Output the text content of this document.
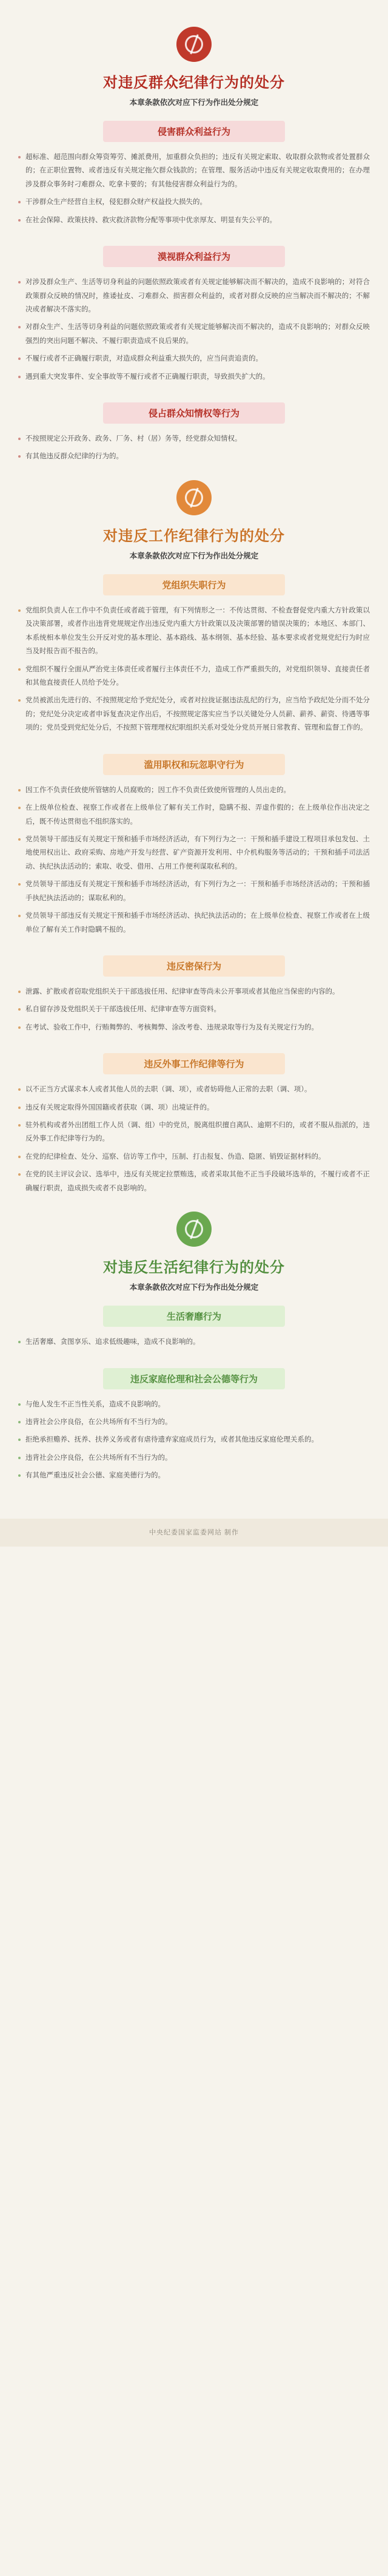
对违反群众纪律行为的处分
本章条款依次对应下行为作出处分规定
侵害群众利益行为
超标准、超范围向群众筹资筹劳、摊派费用，加重群众负担的；违反有关规定索取、收取群众款物或者处置群众的；在正职位置物、或者违反有关规定拖欠群众钱款的；在管理、服务活动中违反有关规定收取费用的；在办理涉及群众事务时刁难群众、吃拿卡要的；有其他侵害群众利益行为的。
干涉群众生产经营自主权，侵犯群众财产权益投大损失的。
在社会保障、政策扶持、救灾救济款物分配等事项中优亲厚友、明显有失公平的。
漠视群众利益行为
对涉及群众生产、生活等切身利益的问题依照政策或者有关规定能够解决而不解决的，造成不良影响的；对符合政策群众反映的情况时，推诿扯皮、刁难群众、损害群众利益的，或者对群众反映的应当解决而不解决的；不解决或者解决不落实的。
对群众生产、生活等切身利益的问题依照政策或者有关规定能够解决而不解决的，造成不良影响的；对群众反映强烈的突出问题不解决、不履行职责造成不良后果的。
不履行或者不正确履行职责，对造成群众利益重大损失的，应当问责追责的。
遇到重大突发事件、安全事故等不履行或者不正确履行职责，导致损失扩大的。
侵占群众知情权等行为
不按照规定公开政务、政务、厂务、村（居）务等，经党群众知情权。
有其他违反群众纪律的行为的。
对违反工作纪律行为的处分
本章条款依次对应下行为作出处分规定
党组织失职行为
党组织负责人在工作中不负责任或者疏于管理，有下列情形之一：不传达贯彻、不检查督促党内重大方针政策以及决策部署，或者作出违背党规规定作出违反党内重大方针政策以及决策部署的错误决策的；本地区、本部门、本系统相本单位发生公开反对党的基本理论、基本路线、基本纲领、基本经验、基本要求或者党规党纪行为时应当及时报告而不报告的。
党组织不履行全面从严治党主体责任或者履行主体责任不力，造成工作严重损失的，对党组织领导、直接责任者和其他直接责任人员给予处分。
党员被派出先进行的、不按照规定给予党纪处分，或者对拉拢证据违法乱纪的行为，应当给予政纪处分而不处分的；党纪处分决定或者申诉复查决定作出后，不按照规定落实应当予以关键处分人员薪、薪养、薪资、待遇等事项的；党员受到党纪处分后，不按照下管理理权纪职组织关系对受处分党员开展日常教育、管理和监督工作的。
滥用职权和玩忽职守行为
因工作不负责任致使所管辖的人员腐败的；因工作不负责任致使所管理的人员出走的。
在上级单位检查、视察工作或者在上级单位了解有关工作时，隐瞒不报、弄虚作假的；在上级单位作出决定之后，既不传达贯彻也不组织落实的。
党员领导干部违反有关规定干预和插手市场经济活动，有下列行为之一：干预和插手建设工程项目承包发包、土地使用权出让、政府采购、房地产开发与经营、矿产资源开发利用、中介机构服务等活动的；干预和插手司法活动、执纪执法活动的；索取、收受、借用、占用工作便利谋取私利的。
党员领导干部违反有关规定干预和插手市场经济活动，有下列行为之一：干预和插手市场经济活动的；干预和插手执纪执法活动的；谋取私利的。
党员领导干部违反有关规定干预和插手市场经济活动、执纪执法活动的；在上级单位检查、视察工作或者在上级单位了解有关工作时隐瞒不报的。
违反密保行为
泄露、扩散或者窃取党组织关于干部选拔任用、纪律审查等尚未公开事项或者其他应当保密的内容的。
私自留存涉及党组织关于干部选拔任用、纪律审查等方面资料。
在考试、验收工作中，行贿舞弊的、考核舞弊、涂改考卷、违规录取等行为及有关规定行为的。
违反外事工作纪律等行为
以不正当方式谋求本人或者其他人员的去职（调、项），或者妨碍他人正常的去职（调、项）。
违反有关规定取得外国国籍或者获取（调、项）出境证件的。
驻外机构或者外出团组工作人员（调、组）中的党员，脱离组织擅自离队、逾期不归的，或者不服从指派的，违反外事工作纪律等行为的。
在党的纪律检查、处分、巡察、信访等工作中，压制、打击报复、伪造、隐匿、销毁证据材料的。
在党的民主评议会议、选举中，违反有关规定拉票贿选，或者采取其他不正当手段破坏选举的，不履行或者不正确履行职责，造成损失或者不良影响的。
对违反生活纪律行为的处分
本章条款依次对应下行为作出处分规定
生活奢靡行为
生活奢靡、贪图享乐、追求低级趣味，造成不良影响的。
违反家庭伦理和社会公德等行为
与他人发生不正当性关系，造成不良影响的。
违背社会公序良俗，在公共场所有不当行为的。
拒绝承担赡养、抚养、扶养义务或者有虐待遗弃家庭成员行为，或者其他违反家庭伦理关系的。
违背社会公序良俗，在公共场所有不当行为的。
有其他严重违反社会公德、家庭美德行为的。
中央纪委国家监委网站 制作
